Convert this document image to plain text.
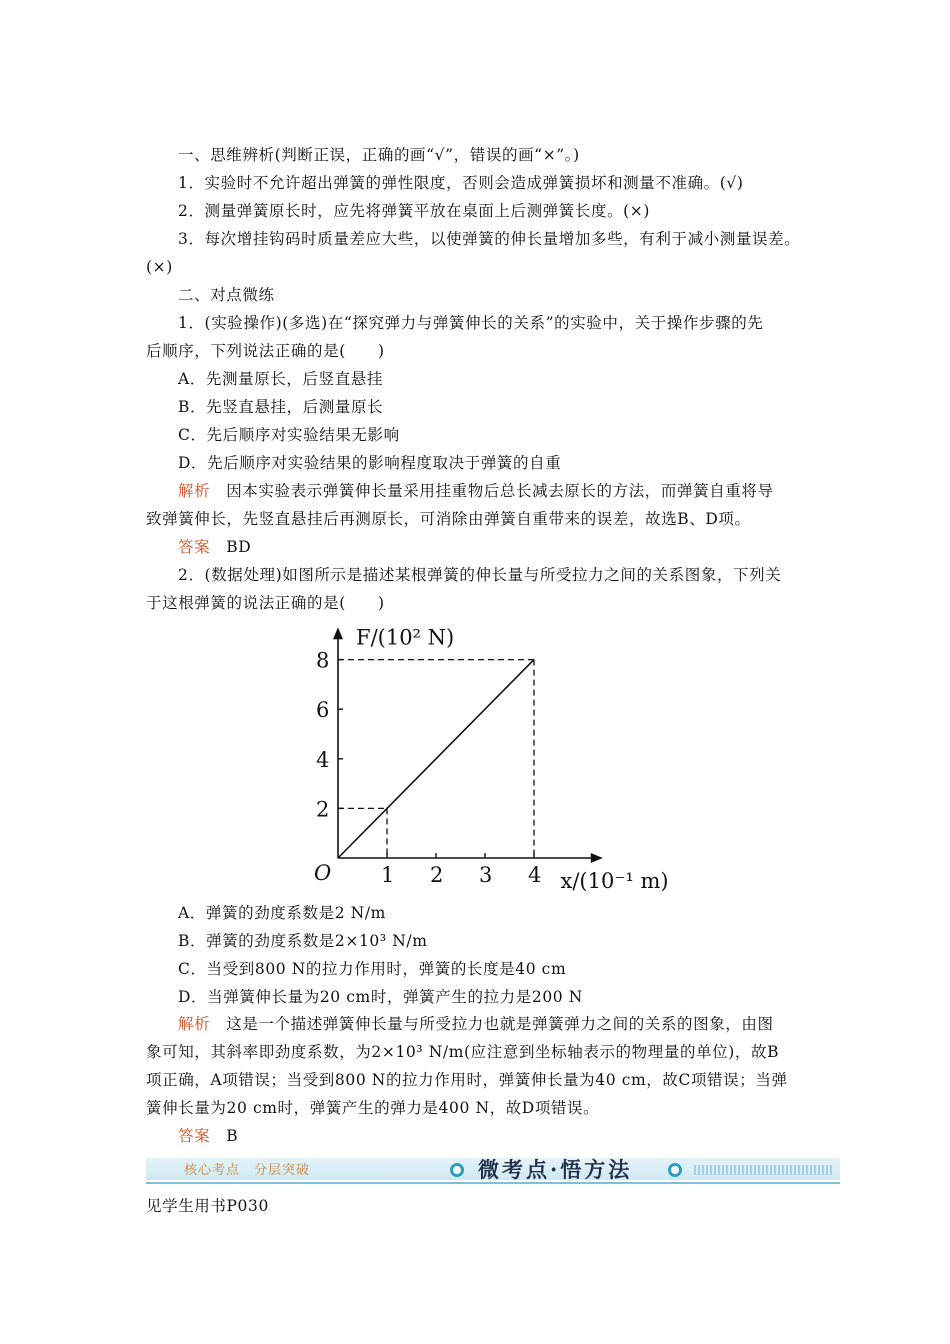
一、思维辨析(判断正误，正确的画“√”，错误的画“×”。)
1．实验时不允许超出弹簧的弹性限度，否则会造成弹簧损坏和测量不准确。(√)
2．测量弹簧原长时，应先将弹簧平放在桌面上后测弹簧长度。(×)
3．每次增挂钩码时质量差应大些，以使弹簧的伸长量增加多些，有利于减小测量误差。
(×)
二、对点微练
1．(实验操作)(多选)在“探究弹力与弹簧伸长的关系”的实验中，关于操作步骤的先
后顺序，下列说法正确的是(　　)
A．先测量原长，后竖直悬挂
B．先竖直悬挂，后测量原长
C．先后顺序对实验结果无影响
D．先后顺序对实验结果的影响程度取决于弹簧的自重
解析 因本实验表示弹簧伸长量采用挂重物后总长减去原长的方法，而弹簧自重将导
致弹簧伸长，先竖直悬挂后再测原长，可消除由弹簧自重带来的误差，故选B、D项。
答案 BD
2．(数据处理)如图所示是描述某根弹簧的伸长量与所受拉力之间的关系图象，下列关
于这根弹簧的说法正确的是(　　)
1 2 3 4
2
4
6
8
O
F/(10² N)
x/(10⁻¹ m)
A．弹簧的劲度系数是2 N/m
B．弹簧的劲度系数是2×10³ N/m
C．当受到800 N的拉力作用时，弹簧的长度是40 cm
D．当弹簧伸长量为20 cm时，弹簧产生的拉力是200 N
解析 这是一个描述弹簧伸长量与所受拉力也就是弹簧弹力之间的关系的图象，由图
象可知，其斜率即劲度系数，为2×10³ N/m(应注意到坐标轴表示的物理量的单位)，故B
项正确，A项错误；当受到800 N的拉力作用时，弹簧伸长量为40 cm，故C项错误；当弹
簧伸长量为20 cm时，弹簧产生的弹力是400 N，故D项错误。
答案 B
核心考点　分层突破	微考点·悟方法
见学生用书P030
